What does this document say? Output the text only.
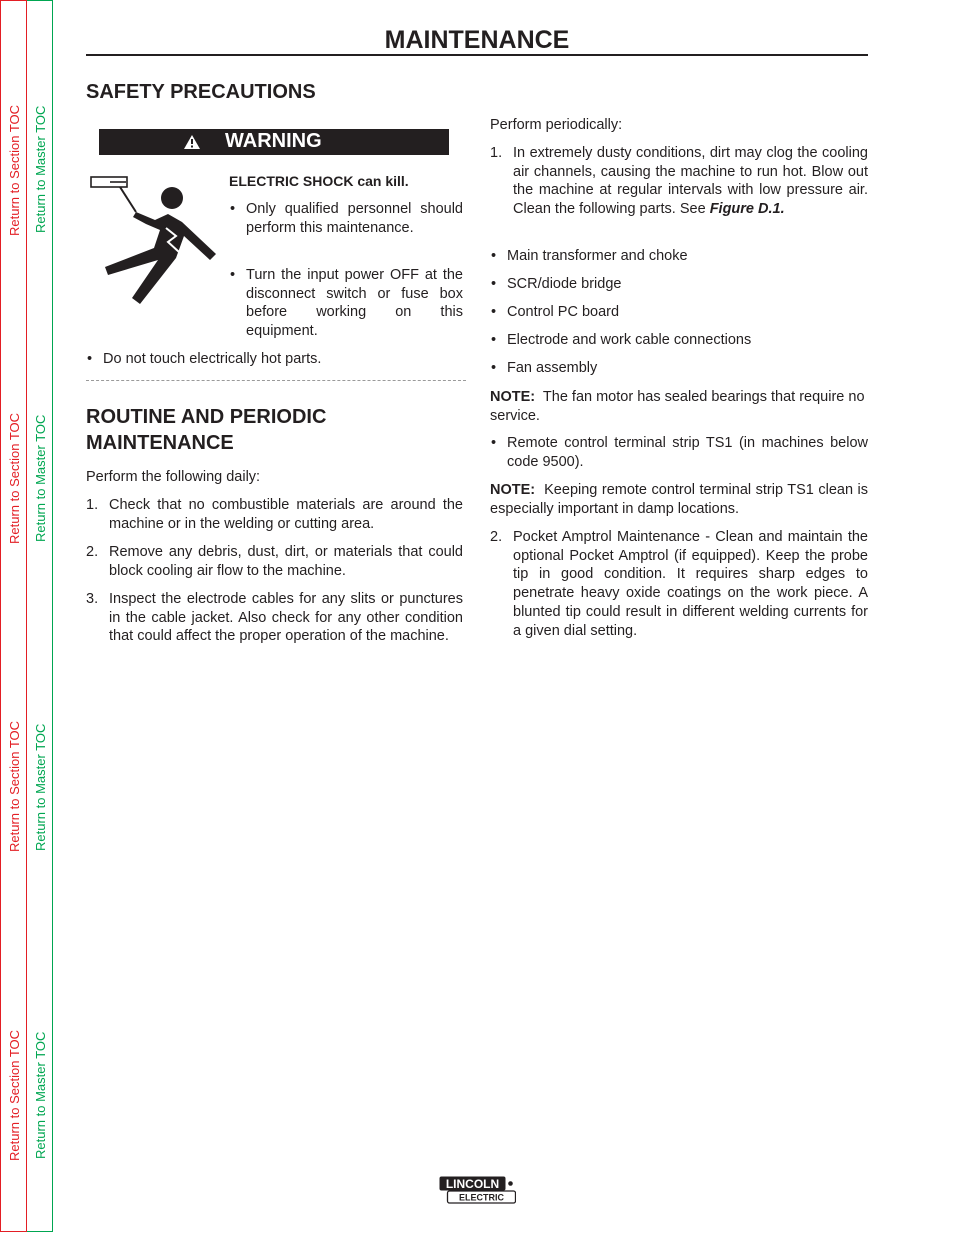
Return to Section TOC Return to Master TOC
Return to Section TOC Return to Master TOC
Return to Section TOC Return to Master TOC
Return to Section TOC Return to Master TOC
MAINTENANCE
SAFETY PRECAUTIONS
WARNING
ELECTRIC SHOCK can kill.
• Only qualified personnel should perform this maintenance.
• Turn the input power OFF at the disconnect switch or fuse box before working on this equipment.
• Do not touch electrically hot parts.
ROUTINE AND PERIODIC
MAINTENANCE
Perform the following daily:
1. Check that no combustible materials are around the machine or in the welding or cutting area.
2. Remove any debris, dust, dirt, or materials that could block cooling air flow to the machine.
3. Inspect the electrode cables for any slits or punctures in the cable jacket. Also check for any other condition that could affect the proper operation of the machine.
Perform periodically:
1. In extremely dusty conditions, dirt may clog the cooling air channels, causing the machine to run hot. Blow out the machine at regular intervals with low pressure air. Clean the following parts. See Figure D.1.
• Main transformer and choke
• SCR/diode bridge
• Control PC board
• Electrode and work cable connections
• Fan assembly
NOTE: The fan motor has sealed bearings that require no service.
• Remote control terminal strip TS1 (in machines below code 9500).
NOTE: Keeping remote control terminal strip TS1 clean is especially important in damp locations.
2. Pocket Amptrol Maintenance - Clean and maintain the optional Pocket Amptrol (if equipped). Keep the probe tip in good condition. It requires sharp edges to penetrate heavy oxide coatings on the work piece. A blunted tip could result in different welding currents for a given dial setting.
LINCOLN
ELECTRIC
